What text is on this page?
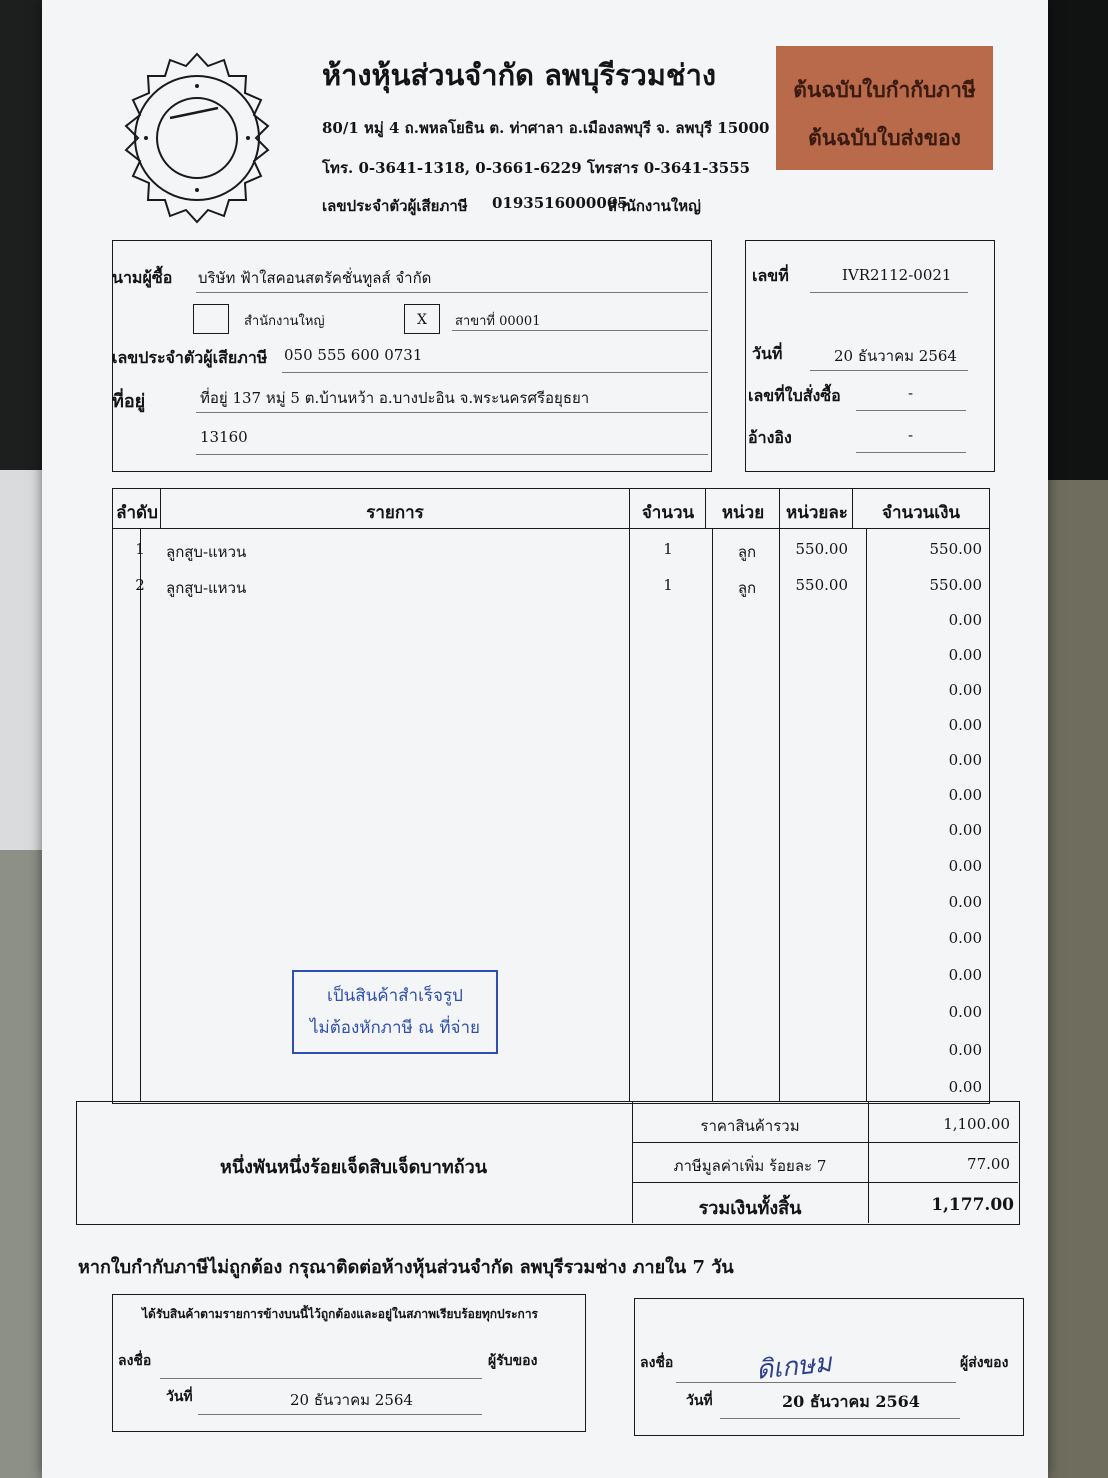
ห้างหุ้นส่วนจำกัด ลพบุรีรวมช่าง
80/1 หมู่ 4 ถ.พหลโยธิน ต. ท่าศาลา อ.เมืองลพบุรี จ. ลพบุรี 15000
โทร. 0-3641-1318, 0-3661-6229 โทรสาร 0-3641-3555
เลขประจำตัวผู้เสียภาษี 0193516000065
สำนักงานใหญ่
ต้นฉบับใบกำกับภาษี
ต้นฉบับใบส่งของ
นามผู้ซื้อ บริษัท ฟ้าใสคอนสตรัคชั่นทูลส์ จำกัด
สำนักงานใหญ่	X	สาขาที่ 00001
เลขประจำตัวผู้เสียภาษี 050 555 600 0731
ที่อยู่	ที่อยู่ 137 หมู่ 5 ต.บ้านหว้า อ.บางปะอิน จ.พระนครศรีอยุธยา
13160
เลขที่	IVR2112-0021
วันที่	20 ธันวาคม 2564
เลขที่ใบสั่งซื้อ	-
อ้างอิง	-
ลำดับ	รายการ	จำนวน	หน่วย	หน่วยละ	จำนวนเงิน
1	ลูกสูบ-แหวน	1	ลูก	550.00	550.00
2	ลูกสูบ-แหวน	1	ลูก	550.00	550.00
0.00
0.00
0.00
0.00
0.00
0.00
0.00
0.00
0.00
0.00
0.00
0.00
0.00
0.00
เป็นสินค้าสำเร็จรูป
ไม่ต้องหักภาษี ณ ที่จ่าย
หนึ่งพันหนึ่งร้อยเจ็ดสิบเจ็ดบาทถ้วน
ราคาสินค้ารวม	1,100.00
ภาษีมูลค่าเพิ่ม ร้อยละ 7	77.00
รวมเงินทั้งสิ้น	1,177.00
หากใบกำกับภาษีไม่ถูกต้อง กรุณาติดต่อห้างหุ้นส่วนจำกัด ลพบุรีรวมช่าง ภายใน 7 วัน
ได้รับสินค้าตามรายการข้างบนนี้ไว้ถูกต้องและอยู่ในสภาพเรียบร้อยทุกประการ
ลงชื่อ	ผู้รับของ
วันที่	20 ธันวาคม 2564
ลงชื่อ	ดิเกษม	ผู้ส่งของ
วันที่	20 ธันวาคม 2564
